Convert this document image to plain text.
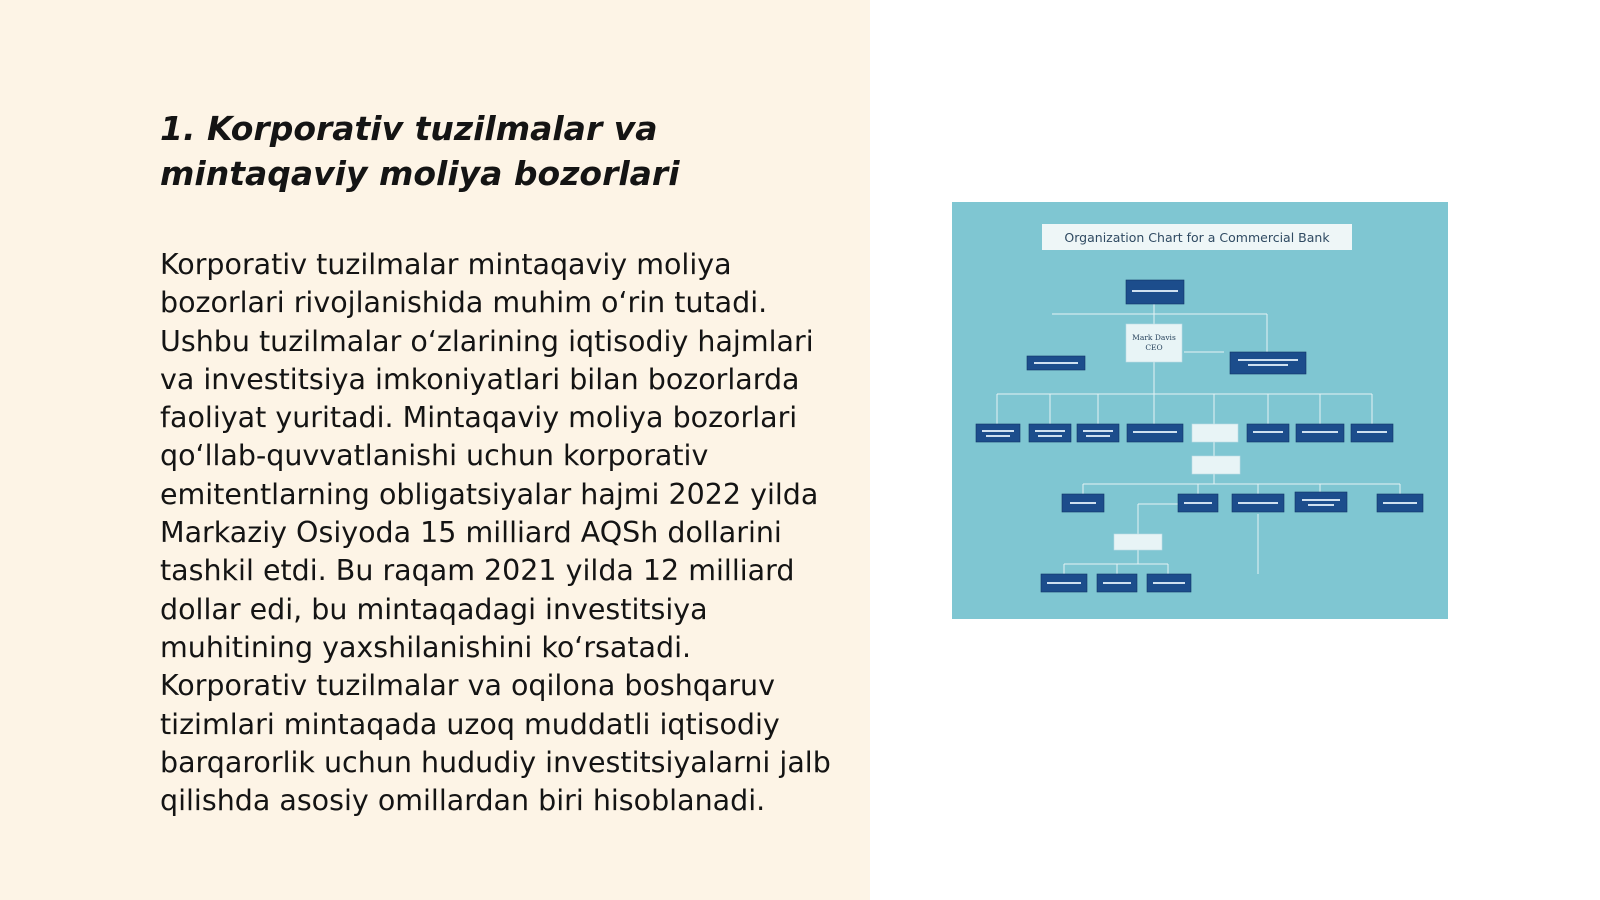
1. Korporativ tuzilmalar va mintaqaviy moliya bozorlari

Korporativ tuzilmalar mintaqaviy moliya bozorlari rivojlanishida muhim o‘rin tutadi. Ushbu tuzilmalar o‘zlarining iqtisodiy hajmlari va investitsiya imkoniyatlari bilan bozorlarda faoliyat yuritadi. Mintaqaviy moliya bozorlari qo‘llab-quvvatlanishi uchun korporativ emitentlarning obligatsiyalar hajmi 2022 yilda Markaziy Osiyoda 15 milliard AQSh dollarini tashkil etdi. Bu raqam 2021 yilda 12 milliard dollar edi, bu mintaqadagi investitsiya muhitining yaxshilanishini ko‘rsatadi. Korporativ tuzilmalar va oqilona boshqaruv tizimlari mintaqada uzoq muddatli iqtisodiy barqarorlik uchun hududiy investitsiyalarni jalb qilishda asosiy omillardan biri hisoblanadi.

Organization Chart for a Commercial Bank
Mark Davis
CEO
